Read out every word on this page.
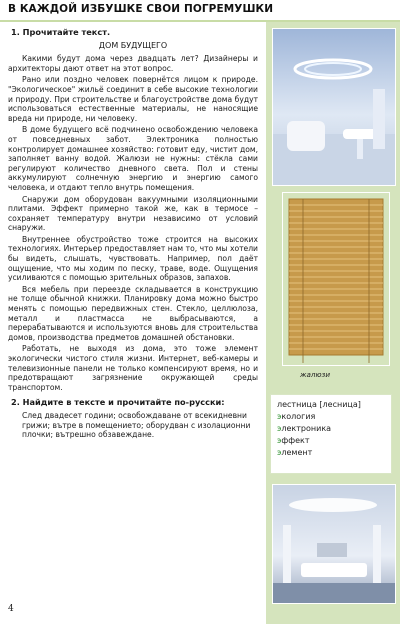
В КАЖДОЙ ИЗБУШКЕ СВОИ ПОГРЕМУШКИ
1. Прочитайте текст.
ДОМ БУДУЩЕГО

Какими будут дома через двадцать лет? Дизайнеры и архитекторы дают ответ на этот вопрос.

Рано или поздно человек повернётся лицом к природе. "Экологическое" жильё соединит в себе высокие технологии и природу. При строительстве и благоустройстве дома будут использоваться естественные материалы, не наносящие вреда ни природе, ни человеку.

В доме будущего всё подчинено освобождению человека от повседневных забот. Электроника полностью контролирует домашнее хозяйство: готовит еду, чистит дом, заполняет ванну водой. Жалюзи не нужны: стёкла сами регулируют количество дневного света. Пол и стены аккумулируют солнечную энергию и энергию самого человека, и отдают тепло внутрь помещения.

Снаружи дом оборудован вакуумными изоляционными плитами. Эффект примерно такой же, как в термосе – сохраняет температуру внутри независимо от условий снаружи.

Внутреннее обустройство тоже строится на высоких технологиях. Интерьер предоставляет нам то, что мы хотели бы видеть, слышать, чувствовать. Например, пол даёт ощущение, что мы ходим по песку, траве, воде. Ощущения усиливаются с помощью зрительных образов, запахов.

Вся мебель при переезде складывается в конструкцию не толще обычной книжки. Планировку дома можно быстро менять с помощью передвижных стен. Стекло, целлюлоза, металл и пластмасса не выбрасываются, а перерабатываются и используются вновь для строительства домов, производства предметов домашней обстановки.

Работать, не выходя из дома, это тоже элемент экологически чистого стиля жизни. Интернет, веб-камеры и телевизионные панели не только компенсируют время, но и предотвращают загрязнение окружающей среды транспортом.

2. Найдите в тексте и прочитайте по-русски:
След двадесет години; освобождаване от всекидневни грижи; вътре в помещението; оборудван с изолационни плочки; вътрешно обзавеждане.
жалюзи
лестница [лесница]
экология
электроника
эффект
элемент
4
